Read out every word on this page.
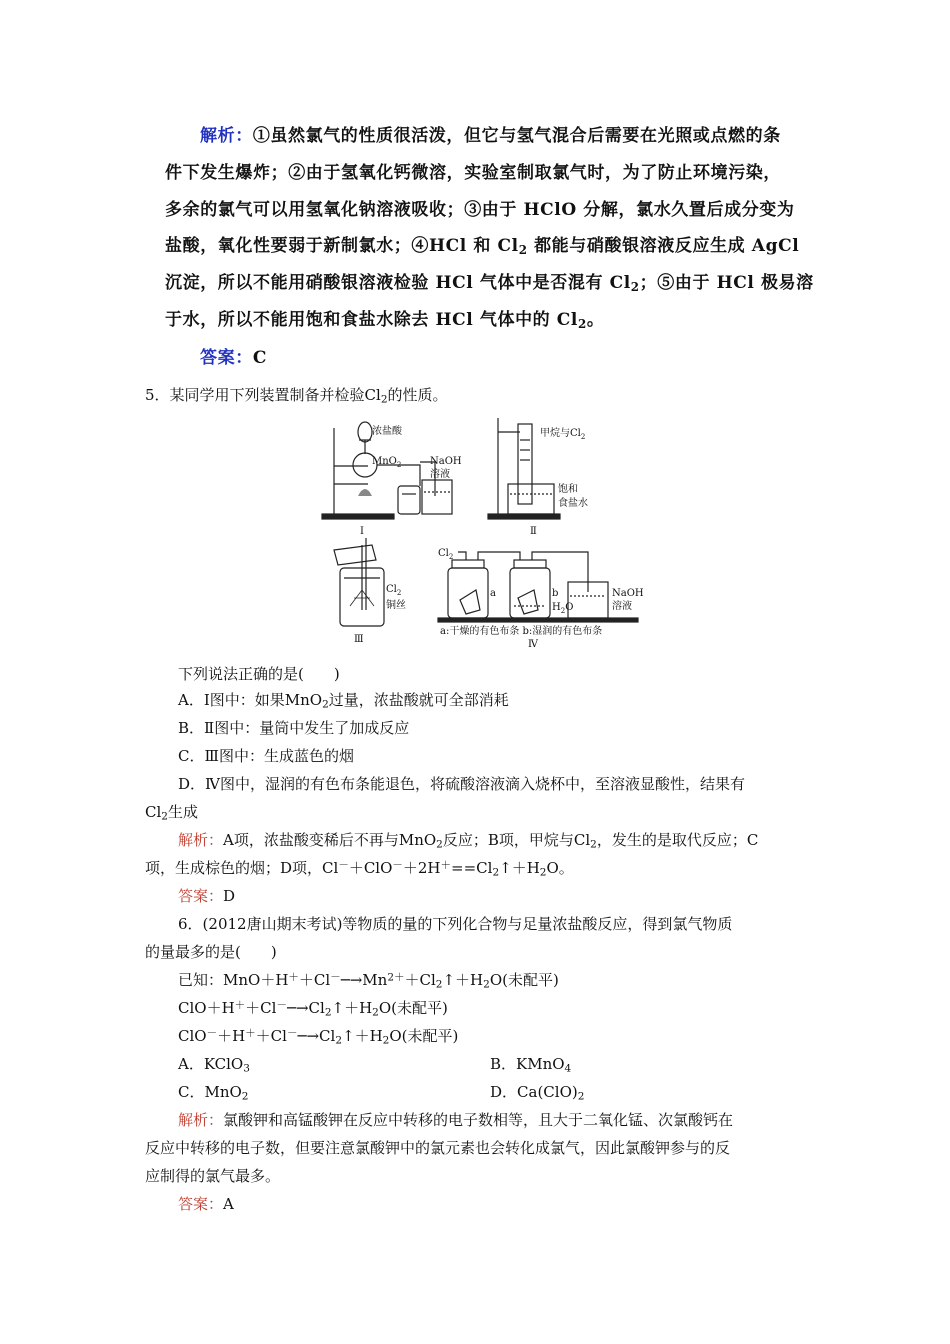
解析：①虽然氯气的性质很活泼，但它与氢气混合后需要在光照或点燃的条
件下发生爆炸；②由于氢氧化钙微溶，实验室制取氯气时，为了防止环境污染，
多余的氯气可以用氢氧化钠溶液吸收；③由于 HClO 分解，氯水久置后成分变为
盐酸，氧化性要弱于新制氯水；④HCl 和 $Cl_2$ 都能与硝酸银溶液反应生成 AgCl
沉淀，所以不能用硝酸银溶液检验 HCl 气体中是否混有 $Cl_2$；⑤由于 HCl 极易溶
于水，所以不能用饱和食盐水除去 HCl 气体中的 $Cl_2$。
答案：C
5．某同学用下列装置制备并检验$Cl_2$的性质。
浓盐酸
MnO$_2$	NaOH
溶液
Ⅰ
甲烷与$Cl_2$
饱和
食盐水
Ⅱ
$Cl_2$
铜丝
Ⅲ
$Cl_2$
a	b
$H_2O$
NaOH
溶液
a:干燥的有色布条 b:湿润的有色布条
Ⅳ
下列说法正确的是(　　)
A．Ⅰ图中：如果MnO$_2$过量，浓盐酸就可全部消耗
B．Ⅱ图中：量筒中发生了加成反应
C．Ⅲ图中：生成蓝色的烟
D．Ⅳ图中，湿润的有色布条能退色，将硫酸溶液滴入烧杯中，至溶液显酸性，结果有
$Cl_2$生成
解析：A项，浓盐酸变稀后不再与MnO$_2$反应；B项，甲烷与$Cl_2$，发生的是取代反应；C
项，生成棕色的烟；D项，$Cl^-+ClO^-+2H^+==Cl_2↑+H_2O$。
答案：D
6．(2012唐山期末考试)等物质的量的下列化合物与足量浓盐酸反应，得到氯气物质
的量最多的是(　　)
已知：$MnO+H^++Cl^-─\to Mn^{2+}+Cl_2↑+H_2O$(未配平)
$ClO+H^++Cl^-─\to Cl_2↑+H_2O$(未配平)
$ClO^-+H^++Cl^-─\to Cl_2↑+H_2O$(未配平)
A．KClO$_3$	B．KMnO$_4$
C．MnO$_2$	D．$Ca(ClO)_2$
解析：氯酸钾和高锰酸钾在反应中转移的电子数相等，且大于二氧化锰、次氯酸钙在
反应中转移的电子数，但要注意氯酸钾中的氯元素也会转化成氯气，因此氯酸钾参与的反
应制得的氯气最多。
答案：A
